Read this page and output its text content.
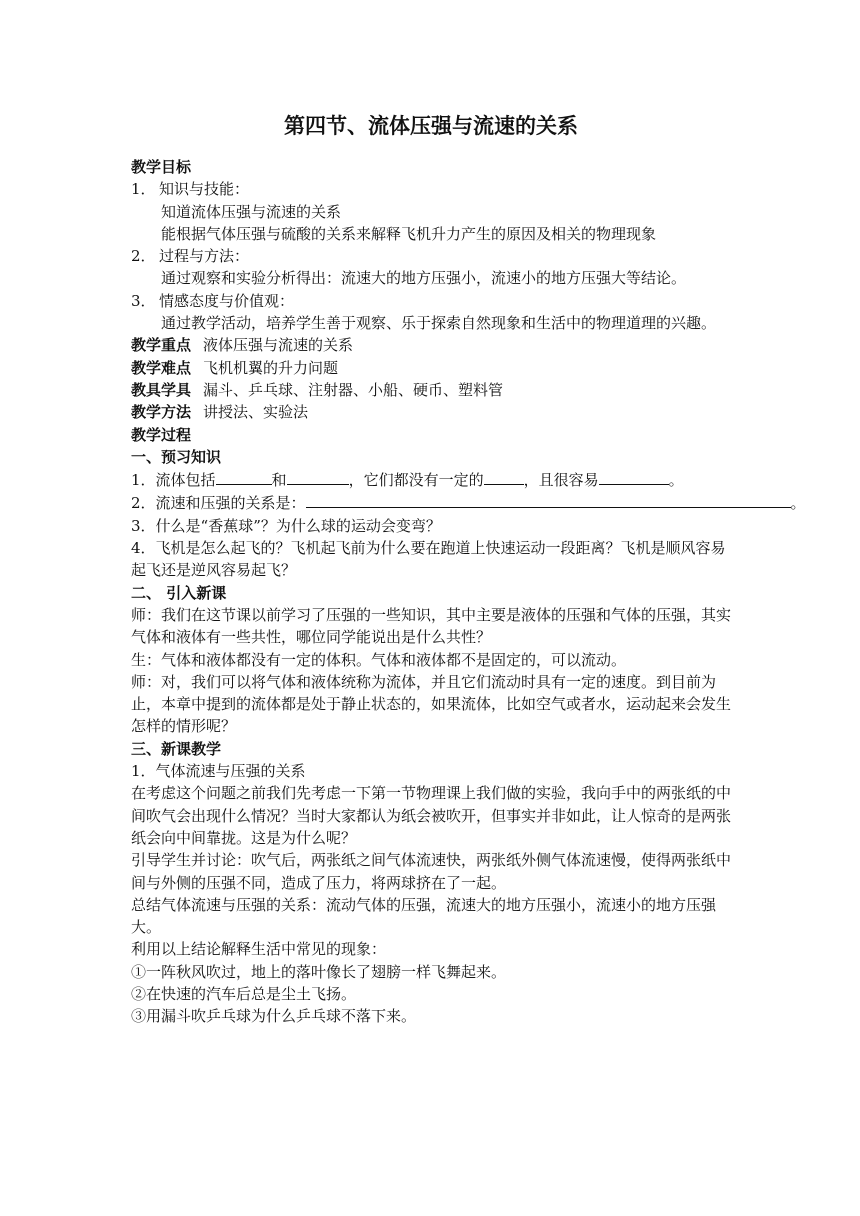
第四节、流体压强与流速的关系
教学目标
1． 知识与技能：
知道流体压强与流速的关系
能根据气体压强与硫酸的关系来解释飞机升力产生的原因及相关的物理现象
2． 过程与方法：
通过观察和实验分析得出：流速大的地方压强小，流速小的地方压强大等结论。
3． 情感态度与价值观：
通过教学活动，培养学生善于观察、乐于探索自然现象和生活中的物理道理的兴趣。
教学重点 液体压强与流速的关系
教学难点 飞机机翼的升力问题
教具学具 漏斗、乒乓球、注射器、小船、硬币、塑料管
教学方法 讲授法、实验法
教学过程
一、预习知识
1．流体包括	和	，它们都没有一定的	，且很容易	。
2．流速和压强的关系是：	。
3．什么是“香蕉球”？为什么球的运动会变弯？
4．飞机是怎么起飞的？飞机起飞前为什么要在跑道上快速运动一段距离？飞机是顺风容易起飞还是逆风容易起飞？
二、 引入新课
师：我们在这节课以前学习了压强的一些知识，其中主要是液体的压强和气体的压强，其实气体和液体有一些共性，哪位同学能说出是什么共性？
生：气体和液体都没有一定的体积。气体和液体都不是固定的，可以流动。
师：对，我们可以将气体和液体统称为流体，并且它们流动时具有一定的速度。到目前为止，本章中提到的流体都是处于静止状态的，如果流体，比如空气或者水，运动起来会发生怎样的情形呢？
三、新课教学
1．气体流速与压强的关系
在考虑这个问题之前我们先考虑一下第一节物理课上我们做的实验，我向手中的两张纸的中间吹气会出现什么情况？当时大家都认为纸会被吹开，但事实并非如此，让人惊奇的是两张纸会向中间靠拢。这是为什么呢？
引导学生并讨论：吹气后，两张纸之间气体流速快，两张纸外侧气体流速慢，使得两张纸中间与外侧的压强不同，造成了压力，将两球挤在了一起。
总结气体流速与压强的关系：流动气体的压强，流速大的地方压强小，流速小的地方压强大。
利用以上结论解释生活中常见的现象：
①一阵秋风吹过，地上的落叶像长了翅膀一样飞舞起来。
②在快速的汽车后总是尘土飞扬。
③用漏斗吹乒乓球为什么乒乓球不落下来。
